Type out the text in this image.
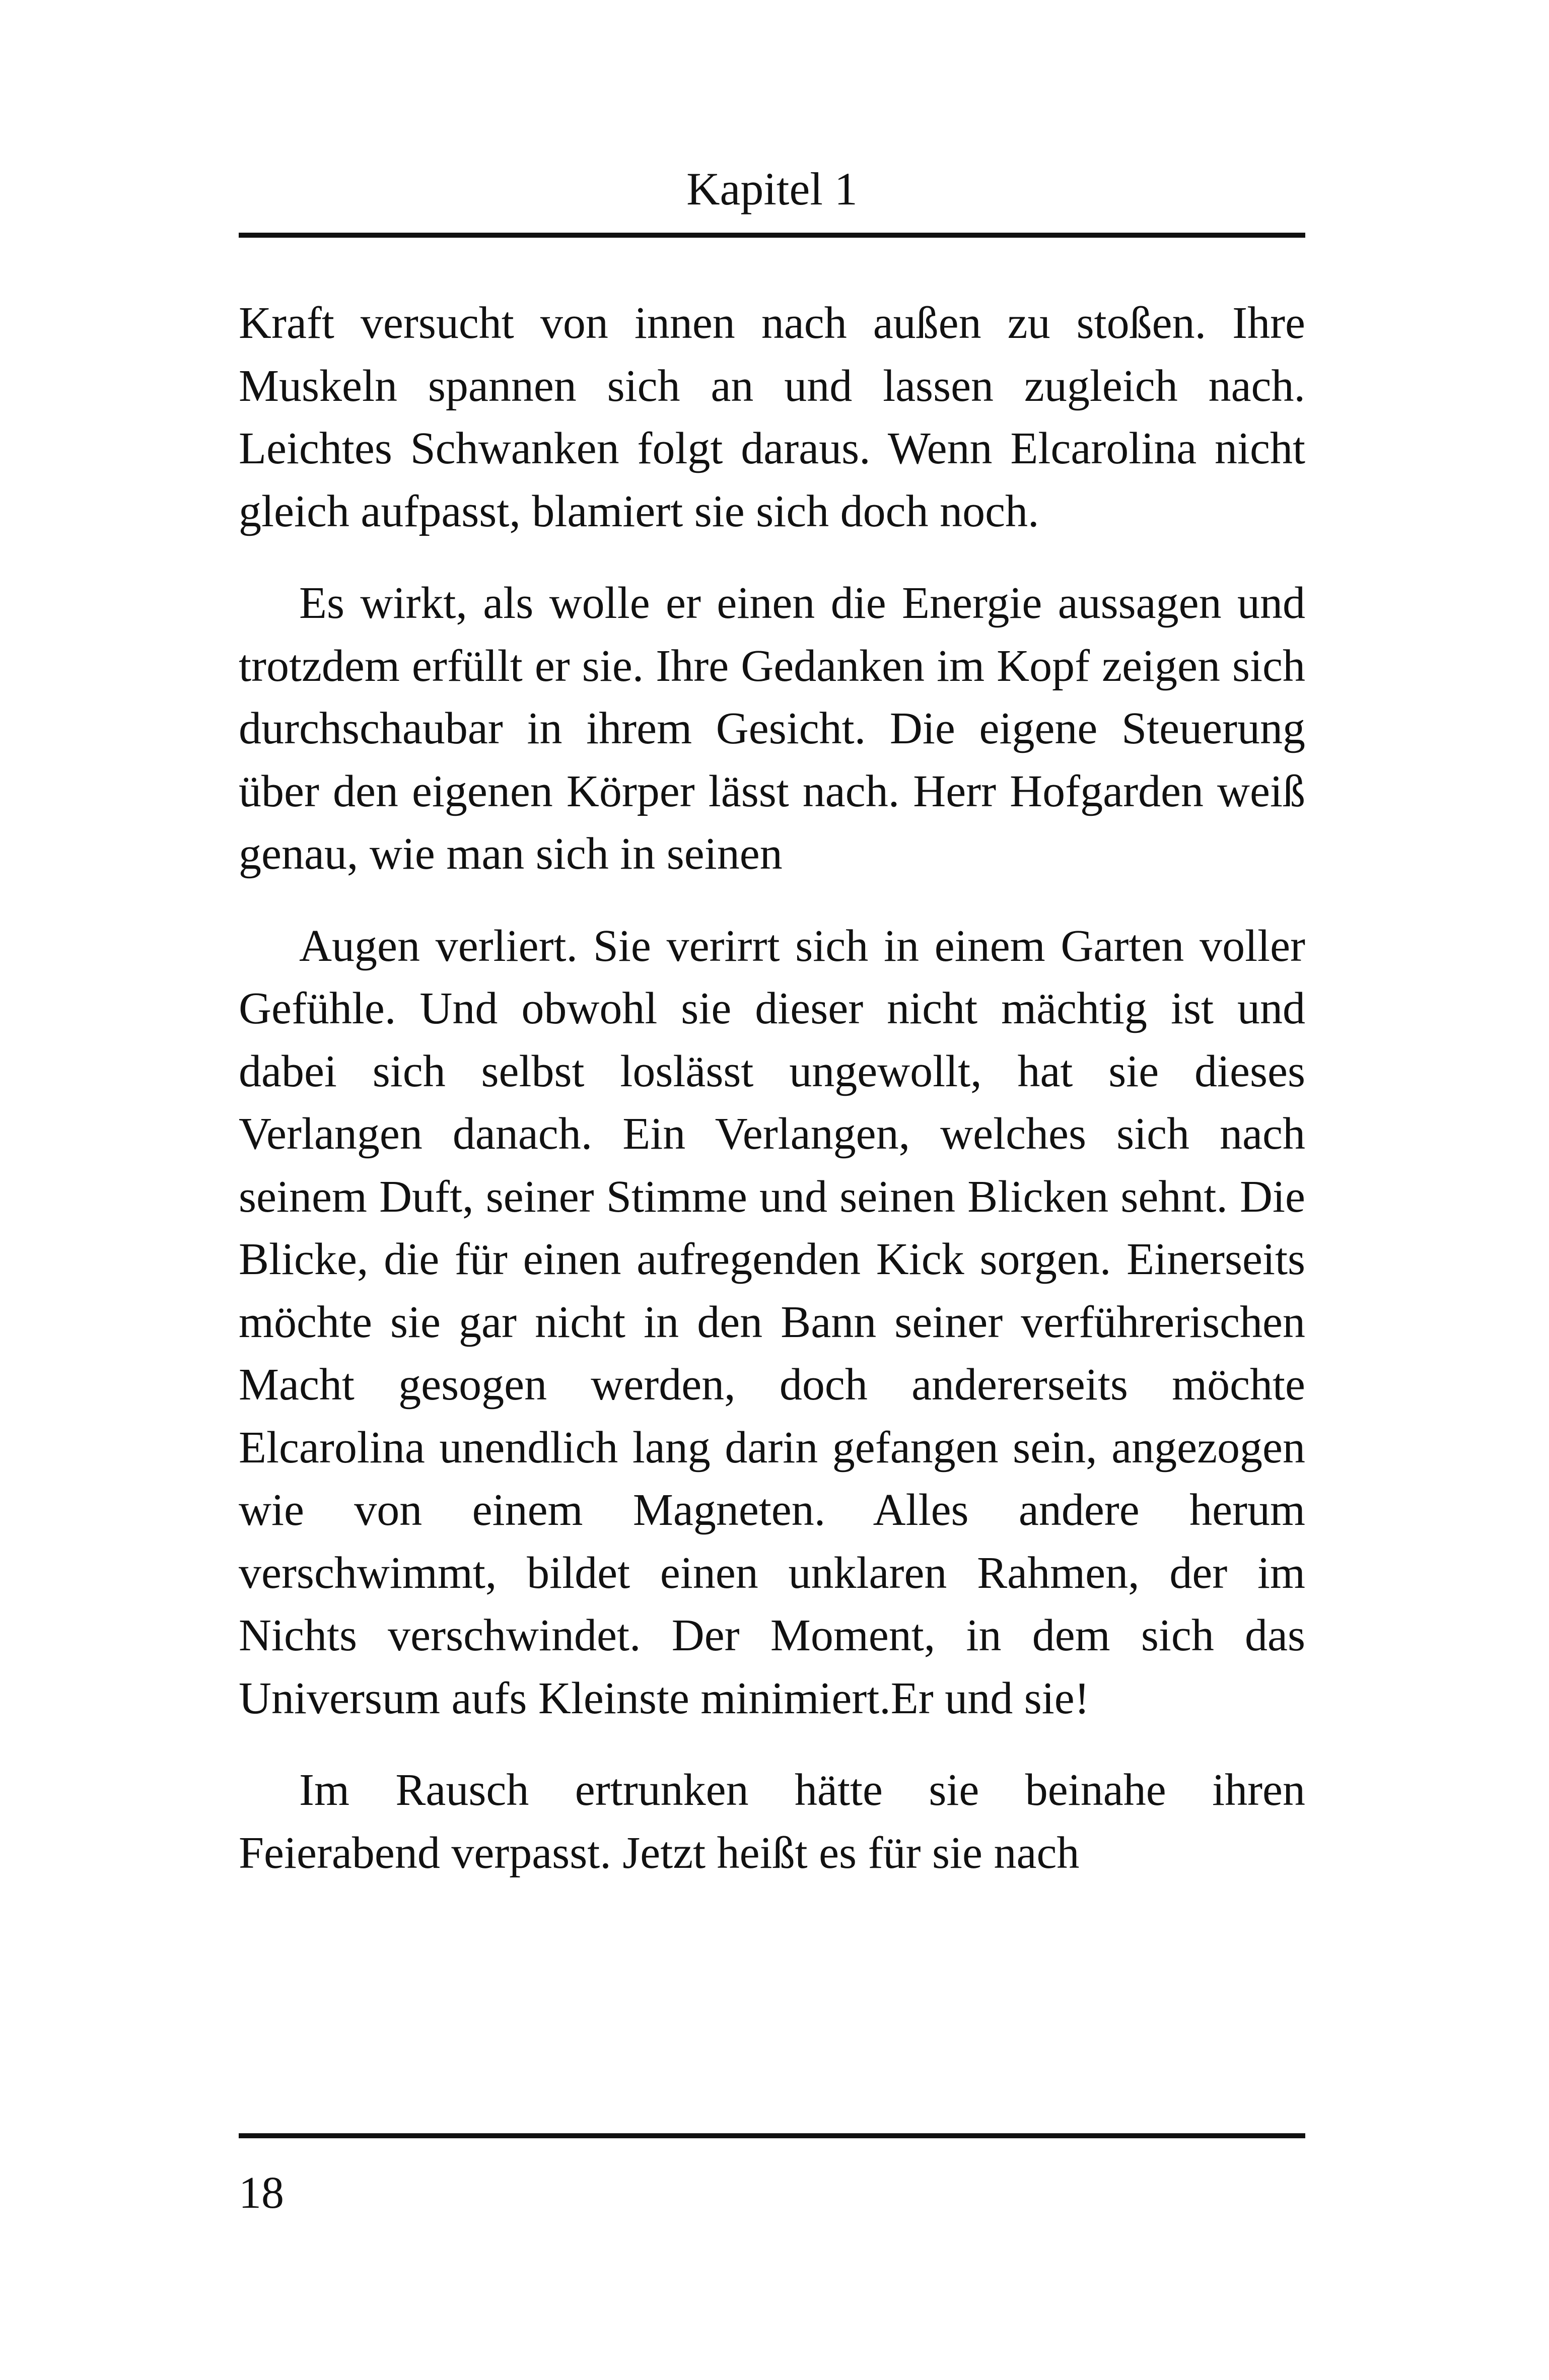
Kapitel 1

Kraft versucht von innen nach außen zu stoßen. Ihre Muskeln spannen sich an und lassen zugleich nach. Leichtes Schwanken folgt daraus. Wenn Elcarolina nicht gleich aufpasst, blamiert sie sich doch noch.

Es wirkt, als wolle er einen die Energie aussagen und trotzdem erfüllt er sie. Ihre Gedanken im Kopf zeigen sich durchschaubar in ihrem Gesicht. Die eigene Steuerung über den eigenen Körper lässt nach. Herr Hofgarden weiß genau, wie man sich in seinen

Augen verliert. Sie verirrt sich in einem Garten voller Gefühle. Und obwohl sie dieser nicht mächtig ist und dabei sich selbst loslässt ungewollt, hat sie dieses Verlangen danach. Ein Verlangen, welches sich nach seinem Duft, seiner Stimme und seinen Blicken sehnt. Die Blicke, die für einen aufregenden Kick sorgen. Einerseits möchte sie gar nicht in den Bann seiner verführerischen Macht gesogen werden, doch andererseits möchte Elcarolina unendlich lang darin gefangen sein, angezogen wie von einem Magneten. Alles andere herum verschwimmt, bildet einen unklaren Rahmen, der im Nichts verschwindet. Der Moment, in dem sich das Universum aufs Kleinste minimiert.Er und sie!

Im Rausch ertrunken hätte sie beinahe ihren Feierabend verpasst. Jetzt heißt es für sie nach

18
